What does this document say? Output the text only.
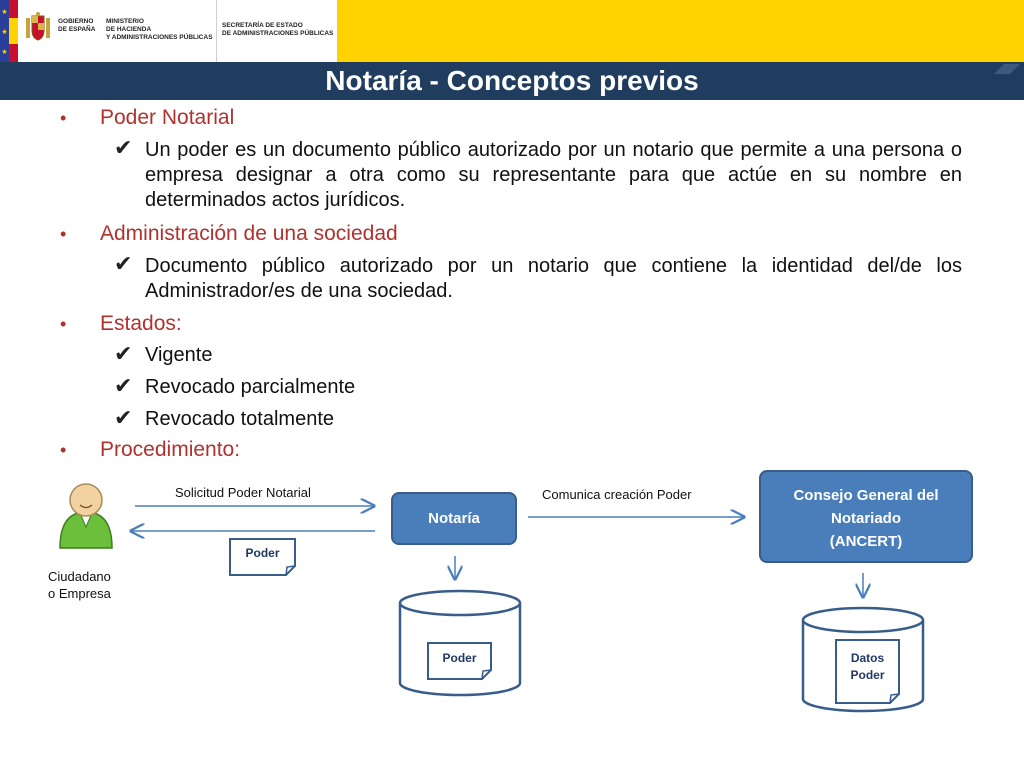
★
★
★
GOBIERNO
DE ESPAÑA
MINISTERIO
DE HACIENDA
Y ADMINISTRACIONES PÚBLICAS
SECRETARÍA DE ESTADO
DE ADMINISTRACIONES PÚBLICAS
Notaría - Conceptos previos
• Poder Notarial
✔ Un poder es un documento público autorizado por un notario que permite a una persona o empresa designar a otra como su representante para que actúe en su nombre en determinados actos jurídicos.
• Administración de una sociedad
✔ Documento público autorizado por un notario que contiene la identidad del/de los Administrador/es de una sociedad.
• Estados:
✔ Vigente
✔ Revocado parcialmente
✔ Revocado totalmente
• Procedimiento:
Ciudadano
o Empresa
Solicitud Poder Notarial
Poder
Notaría
Comunica creación Poder	Consejo General del
Notariado
(ANCERT)
Poder	Datos
Poder
